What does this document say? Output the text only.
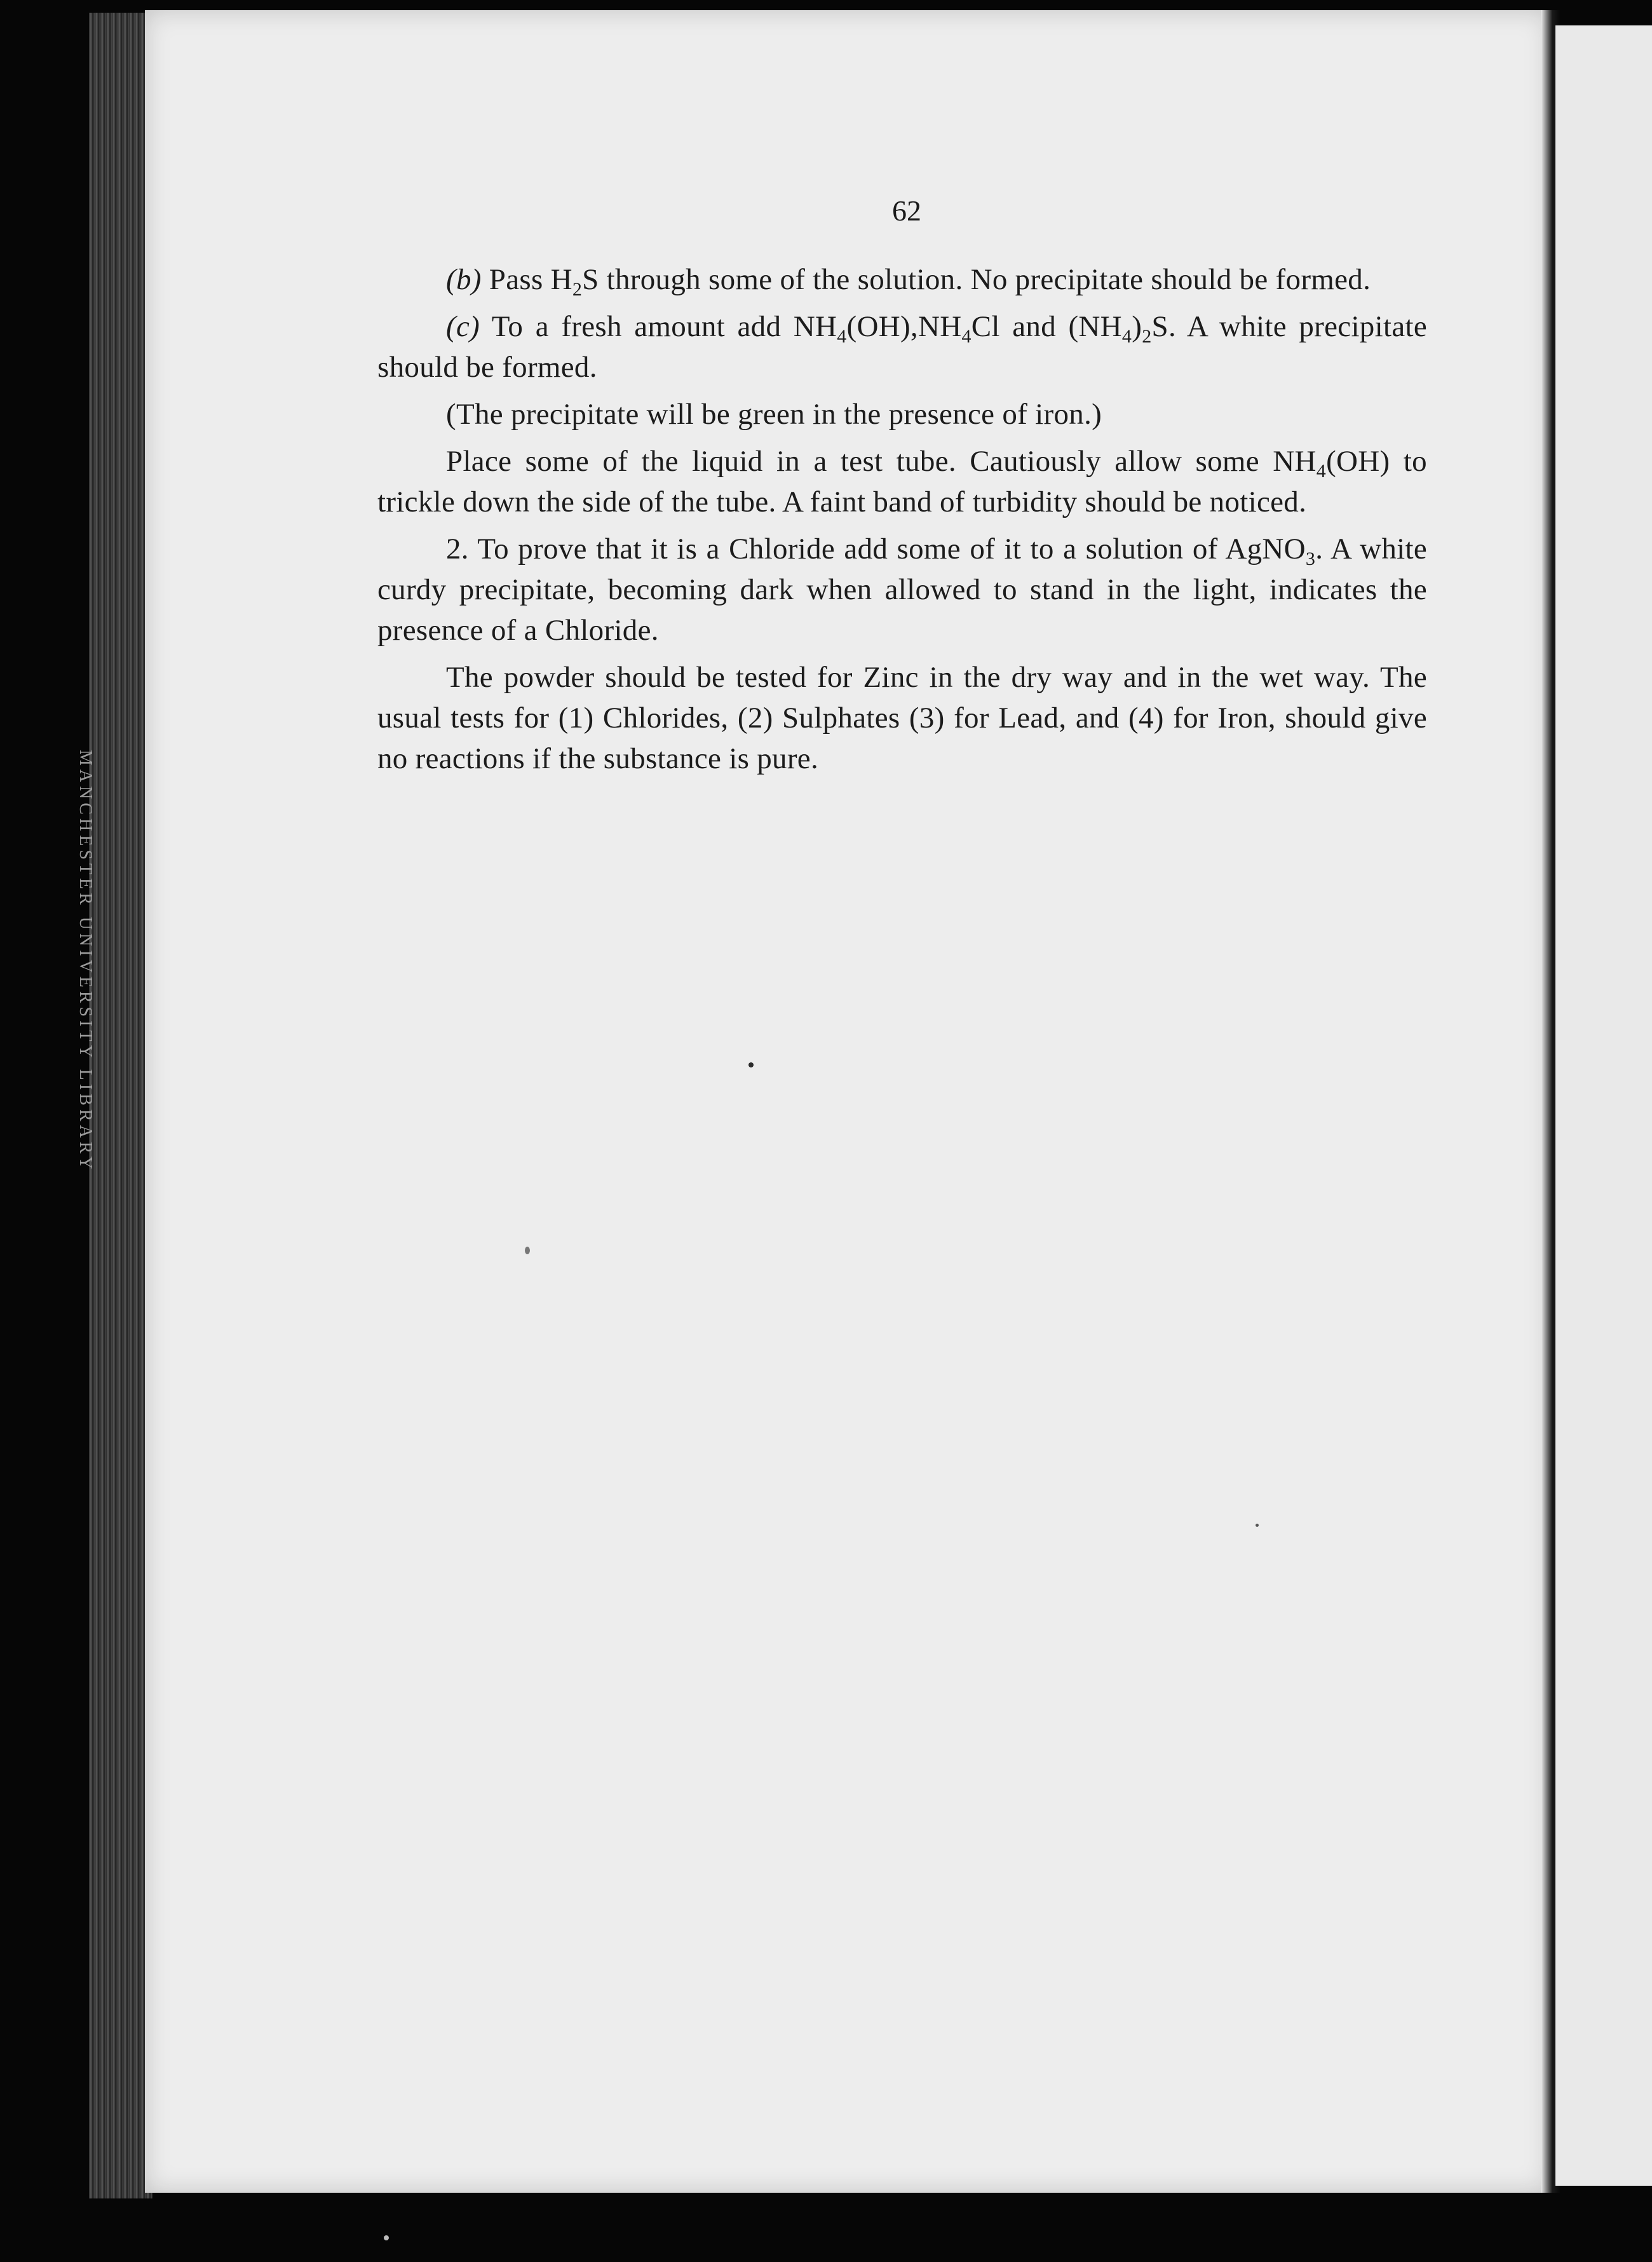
MANCHESTER UNIVERSITY LIBRARY
62

(b) Pass $H_2S$ through some of the solution. No precipitate should be formed.

(c) To a fresh amount add $NH_4(OH),NH_4Cl$ and $(NH_4)_2S$. A white precipitate should be formed.

(The precipitate will be green in the presence of iron.)

Place some of the liquid in a test tube. Cautiously allow some $NH_4(OH)$ to trickle down the side of the tube. A faint band of turbidity should be noticed.

2. To prove that it is a Chloride add some of it to a solution of AgNO$_3$. A white curdy precipitate, becoming dark when allowed to stand in the light, indicates the presence of a Chloride.

The powder should be tested for Zinc in the dry way and in the wet way. The usual tests for (1) Chlorides, (2) Sulphates (3) for Lead, and (4) for Iron, should give no reactions if the substance is pure.
